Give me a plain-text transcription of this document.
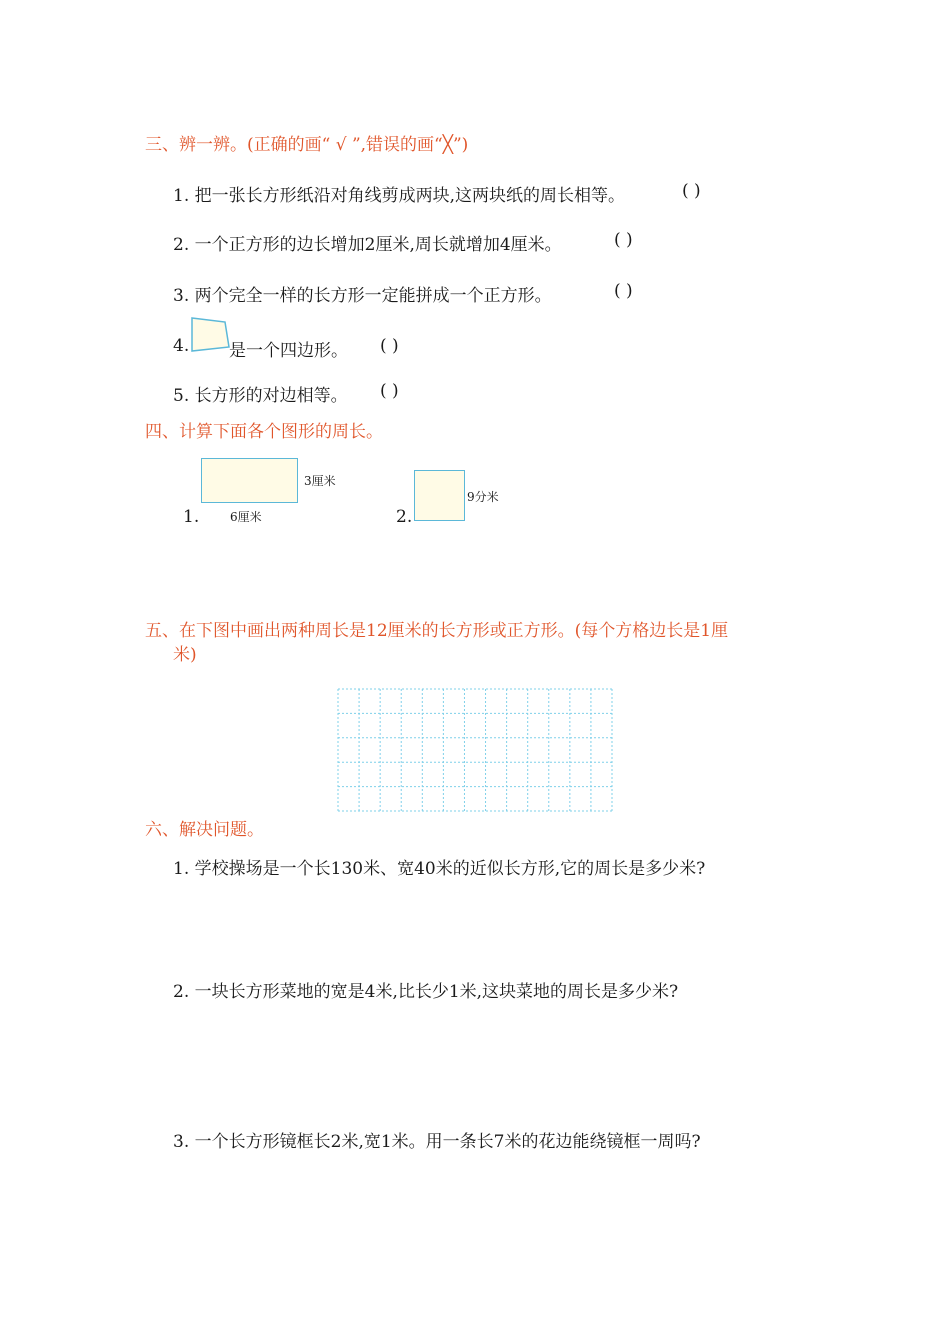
三、辨一辨。(正确的画“ √ ”,错误的画“╳”)
1. 把一张长方形纸沿对角线剪成两块,这两块纸的周长相等。	( )
2. 一个正方形的边长增加2厘米,周长就增加4厘米。	( )
3. 两个完全一样的长方形一定能拼成一个正方形。	( )
4. 是一个四边形。 ( )
5. 长方形的对边相等。 ( )
四、计算下面各个图形的周长。
1.
3厘米
6厘米	2.
9分米
五、在下图中画出两种周长是12厘米的长方形或正方形。(每个方格边长是1厘
米)
六、解决问题。
1. 学校操场是一个长130米、宽40米的近似长方形,它的周长是多少米?
2. 一块长方形菜地的宽是4米,比长少1米,这块菜地的周长是多少米?
3. 一个长方形镜框长2米,宽1米。用一条长7米的花边能绕镜框一周吗?
